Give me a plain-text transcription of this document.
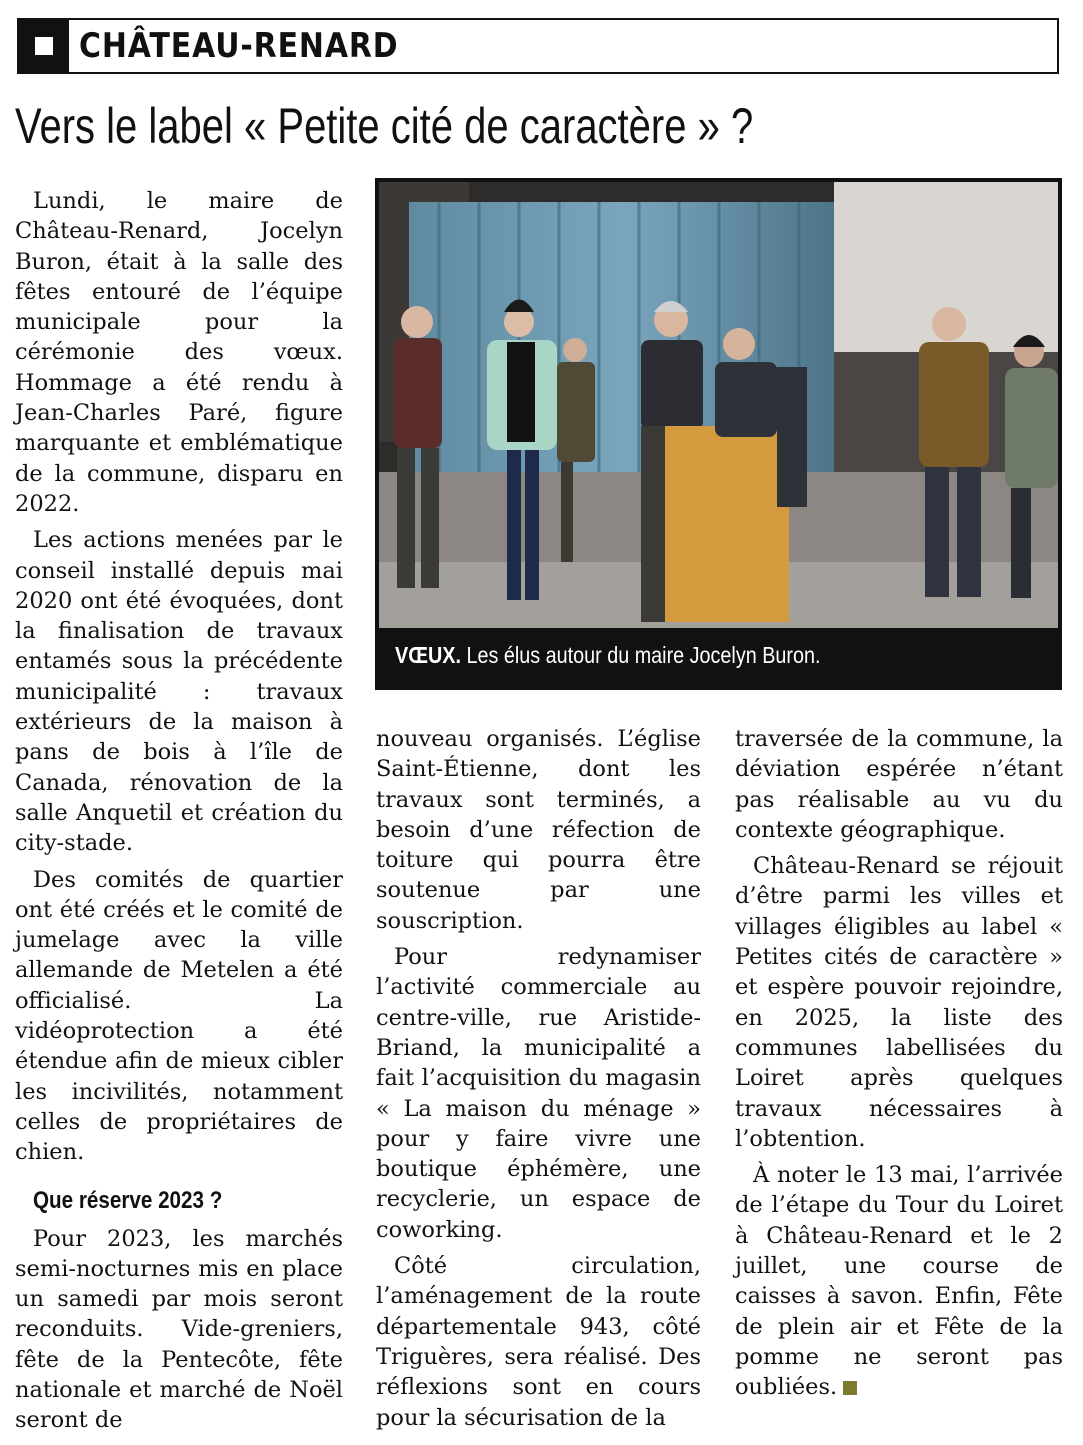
CHÂTEAU-RENARD
Vers le label « Petite cité de caractère » ?

Lundi, le maire de Château-Renard, Jocelyn Buron, était à la salle des fêtes entouré de l’équipe municipale pour la cérémonie des vœux. Hommage a été rendu à Jean-Charles Paré, figure marquante et emblématique de la commune, disparu en 2022.

Les actions menées par le conseil installé depuis mai 2020 ont été évoquées, dont la finalisation de travaux entamés sous la précédente municipalité : travaux extérieurs de la maison à pans de bois à l’île de Canada, rénovation de la salle Anquetil et création du city-stade.

Des comités de quartier ont été créés et le comité de jumelage avec la ville allemande de Metelen a été officialisé. La vidéoprotection a été étendue afin de mieux cibler les incivilités, notamment celles de propriétaires de chien.

Que réserve 2023 ?

Pour 2023, les marchés semi-nocturnes mis en place un samedi par mois seront reconduits. Vide-greniers, fête de la Pentecôte, fête nationale et marché de Noël seront de

VŒUX. Les élus autour du maire Jocelyn Buron.

nouveau organisés. L’église Saint-Étienne, dont les travaux sont terminés, a besoin d’une réfection de toiture qui pourra être soutenue par une souscription.

Pour redynamiser l’activité commerciale au centre-ville, rue Aristide-Briand, la municipalité a fait l’acquisition du magasin « La maison du ménage » pour y faire vivre une boutique éphémère, une recyclerie, un espace de coworking.

Côté circulation, l’aménagement de la route départementale 943, côté Triguères, sera réalisé. Des réflexions sont en cours pour la sécurisation de la

traversée de la commune, la déviation espérée n’étant pas réalisable au vu du contexte géographique.

Château-Renard se réjouit d’être parmi les villes et villages éligibles au label « Petites cités de caractère » et espère pouvoir rejoindre, en 2025, la liste des communes labellisées du Loiret après quelques travaux nécessaires à l’obtention.

À noter le 13 mai, l’arrivée de l’étape du Tour du Loiret à Château-Renard et le 2 juillet, une course de caisses à savon. Enfin, Fête de plein air et Fête de la pomme ne seront pas oubliées.
